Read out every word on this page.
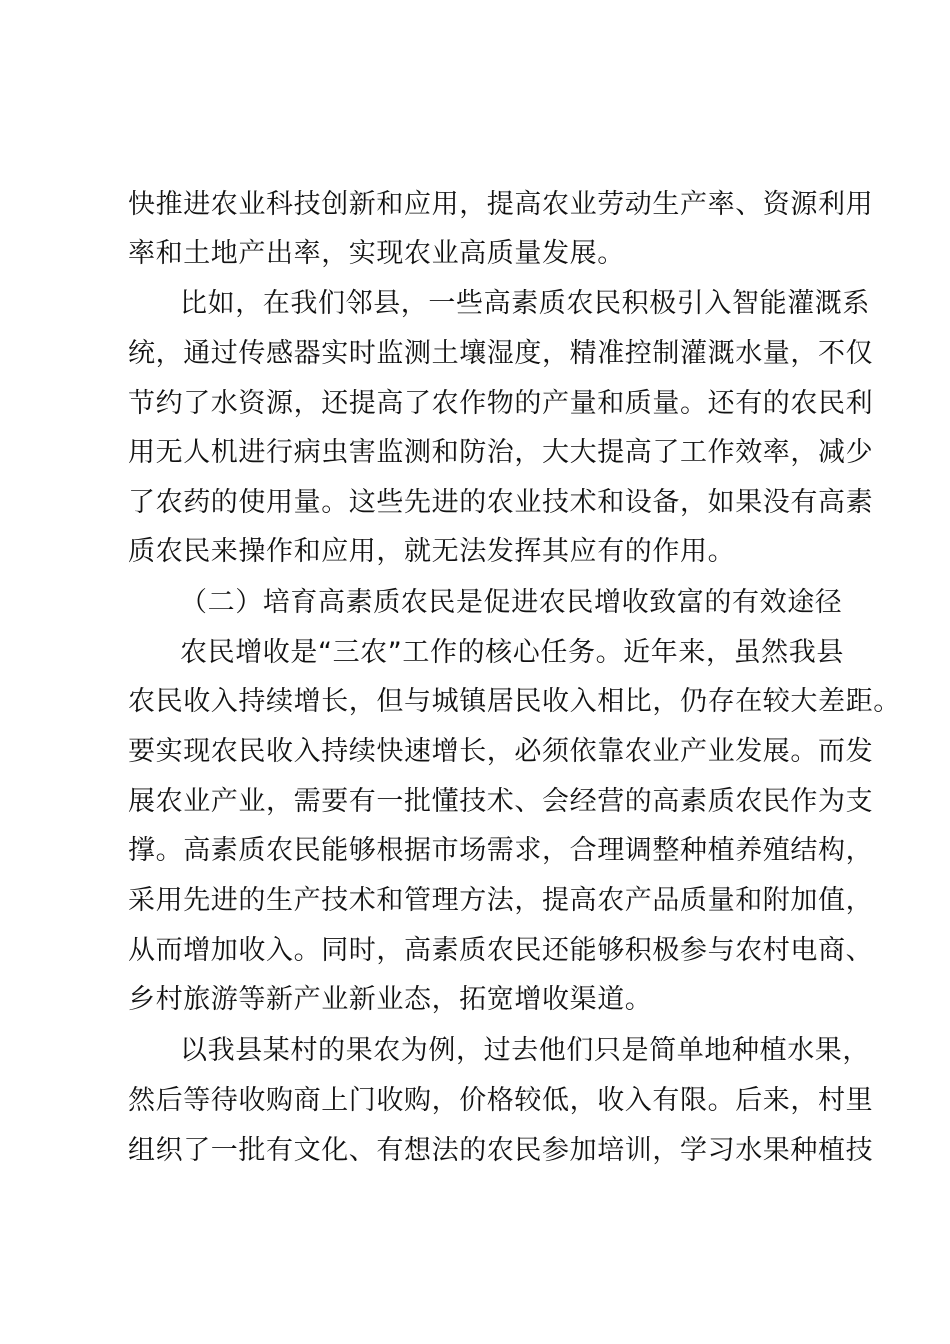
快推进农业科技创新和应用，提高农业劳动生产率、资源利用
率和土地产出率，实现农业高质量发展。
比如，在我们邻县，一些高素质农民积极引入智能灌溉系
统，通过传感器实时监测土壤湿度，精准控制灌溉水量，不仅
节约了水资源，还提高了农作物的产量和质量。还有的农民利
用无人机进行病虫害监测和防治，大大提高了工作效率，减少
了农药的使用量。这些先进的农业技术和设备，如果没有高素
质农民来操作和应用，就无法发挥其应有的作用。
（二）培育高素质农民是促进农民增收致富的有效途径
农民增收是“三农”工作的核心任务。近年来，虽然我县
农民收入持续增长，但与城镇居民收入相比，仍存在较大差距。
要实现农民收入持续快速增长，必须依靠农业产业发展。而发
展农业产业，需要有一批懂技术、会经营的高素质农民作为支
撑。高素质农民能够根据市场需求，合理调整种植养殖结构，
采用先进的生产技术和管理方法，提高农产品质量和附加值，
从而增加收入。同时，高素质农民还能够积极参与农村电商、
乡村旅游等新产业新业态，拓宽增收渠道。
以我县某村的果农为例，过去他们只是简单地种植水果，
然后等待收购商上门收购，价格较低，收入有限。后来，村里
组织了一批有文化、有想法的农民参加培训，学习水果种植技
